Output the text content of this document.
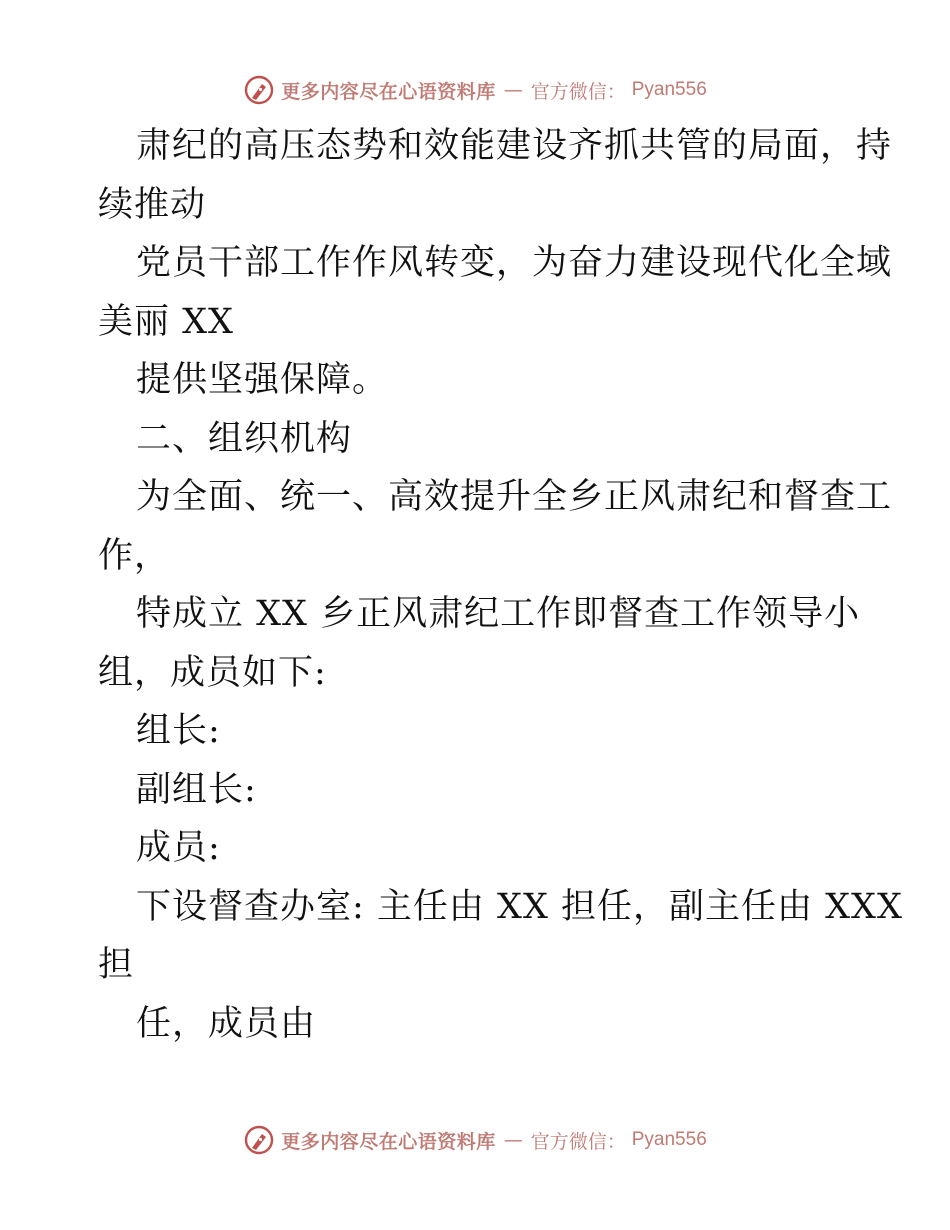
更多内容尽在心语资料库 — 官方微信： Pyan556
肃纪的高压态势和效能建设齐抓共管的局面，持
续推动
党员干部工作作风转变，为奋力建设现代化全域
美丽 XX
提供坚强保障。
二、组织机构
为全面、统一、高效提升全乡正风肃纪和督查工
作，
特成立 XX 乡正风肃纪工作即督查工作领导小
组，成员如下:
组长:
副组长:
成员:
下设督查办室: 主任由 XX 担任，副主任由 XXX
担
任，成员由
更多内容尽在心语资料库 — 官方微信： Pyan556
